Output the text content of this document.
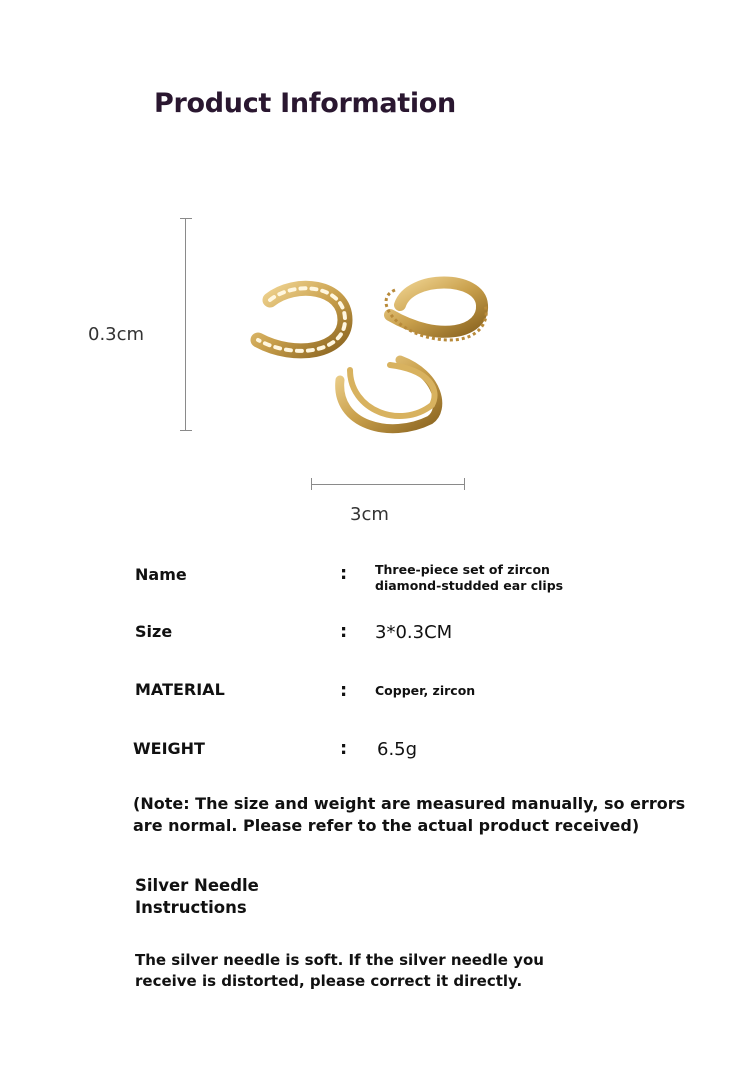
Product Information
0.3cm
3cm
Name	: Three-piece set of zircon diamond-studded ear clips
Size	: 3*0.3CM
MATERIAL	: Copper, zircon
WEIGHT	: 6.5g

(Note: The size and weight are measured manually, so errors are normal. Please refer to the actual product received)

Silver Needle Instructions

The silver needle is soft. If the silver needle you receive is distorted, please correct it directly.
